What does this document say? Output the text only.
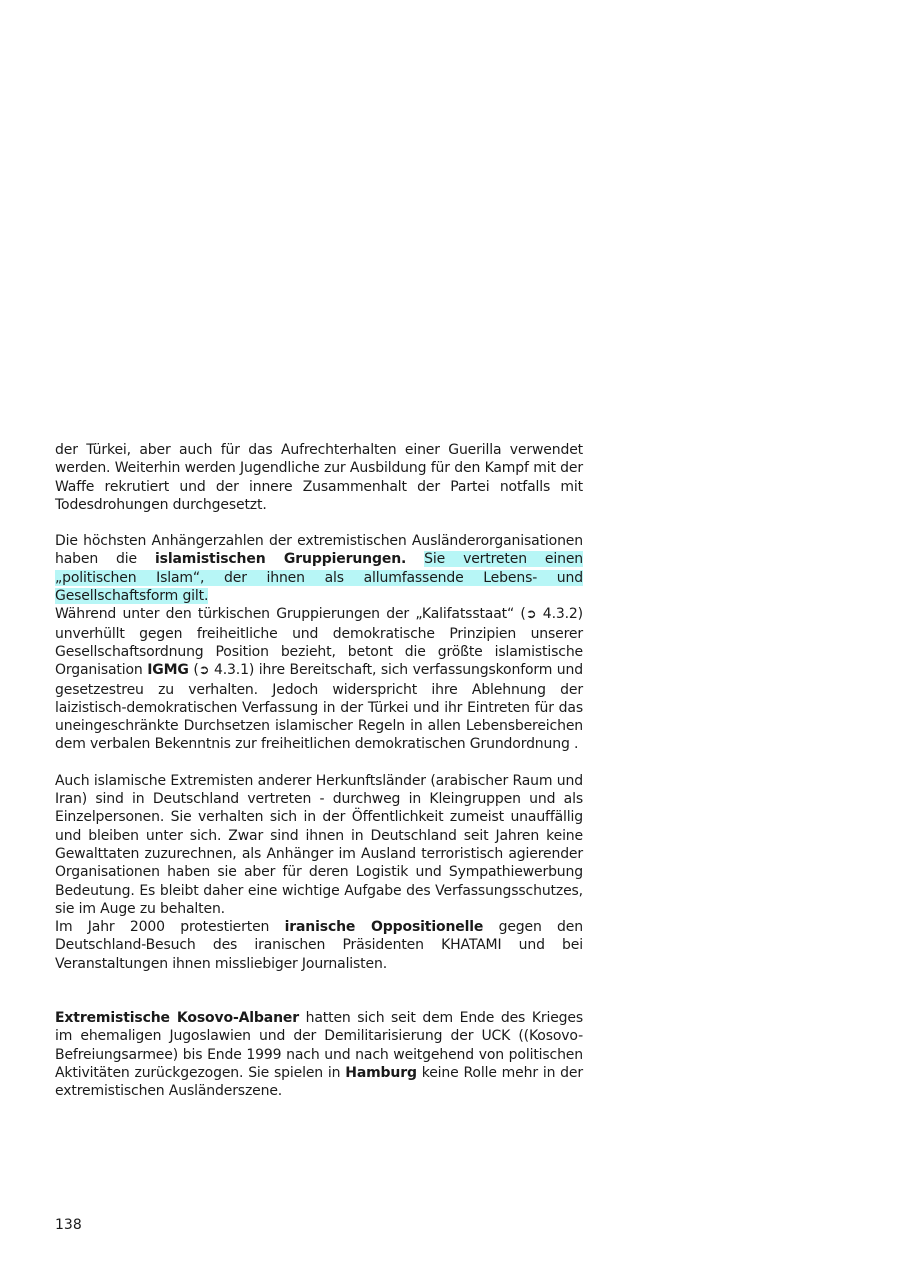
der Türkei, aber auch für das Aufrechterhalten einer Guerilla verwendet werden. Weiterhin werden Jugendliche zur Ausbildung für den Kampf mit der Waffe rekrutiert und der innere Zusammenhalt der Partei notfalls mit Todesdrohungen durchgesetzt.

Die höchsten Anhängerzahlen der extremistischen Ausländerorganisationen haben die islamistischen Gruppierungen. Sie vertreten einen „politischen Islam“, der ihnen als allumfassende Lebens- und Gesellschaftsform gilt.
Während unter den türkischen Gruppierungen der „Kalifatsstaat“ (➲ 4.3.2) unverhüllt gegen freiheitliche und demokratische Prinzipien unserer Gesellschaftsordnung Position bezieht, betont die größte islamistische Organisation IGMG (➲ 4.3.1) ihre Bereitschaft, sich verfassungskonform und gesetzestreu zu verhalten. Jedoch widerspricht ihre Ablehnung der laizistisch-demokratischen Verfassung in der Türkei und ihr Eintreten für das uneingeschränkte Durchsetzen islamischer Regeln in allen Lebensbereichen dem verbalen Bekenntnis zur freiheitlichen demokratischen Grundordnung .

Auch islamische Extremisten anderer Herkunftsländer (arabischer Raum und Iran) sind in Deutschland vertreten - durchweg in Kleingruppen und als Einzelpersonen. Sie verhalten sich in der Öffentlichkeit zumeist unauffällig und bleiben unter sich. Zwar sind ihnen in Deutschland seit Jahren keine Gewalttaten zuzurechnen, als Anhänger im Ausland terroristisch agierender Organisationen haben sie aber für deren Logistik und Sympathiewerbung Bedeutung. Es bleibt daher eine wichtige Aufgabe des Verfassungsschutzes, sie im Auge zu behalten.

Im Jahr 2000 protestierten iranische Oppositionelle gegen den Deutschland-Besuch des iranischen Präsidenten KHATAMI und bei Veranstaltungen ihnen missliebiger Journalisten.

Extremistische Kosovo-Albaner hatten sich seit dem Ende des Krieges im ehemaligen Jugoslawien und der Demilitarisierung der UCK ((Kosovo-Befreiungsarmee) bis Ende 1999 nach und nach weitgehend von politischen Aktivitäten zurückgezogen. Sie spielen in Hamburg keine Rolle mehr in der extremistischen Ausländerszene.

138
